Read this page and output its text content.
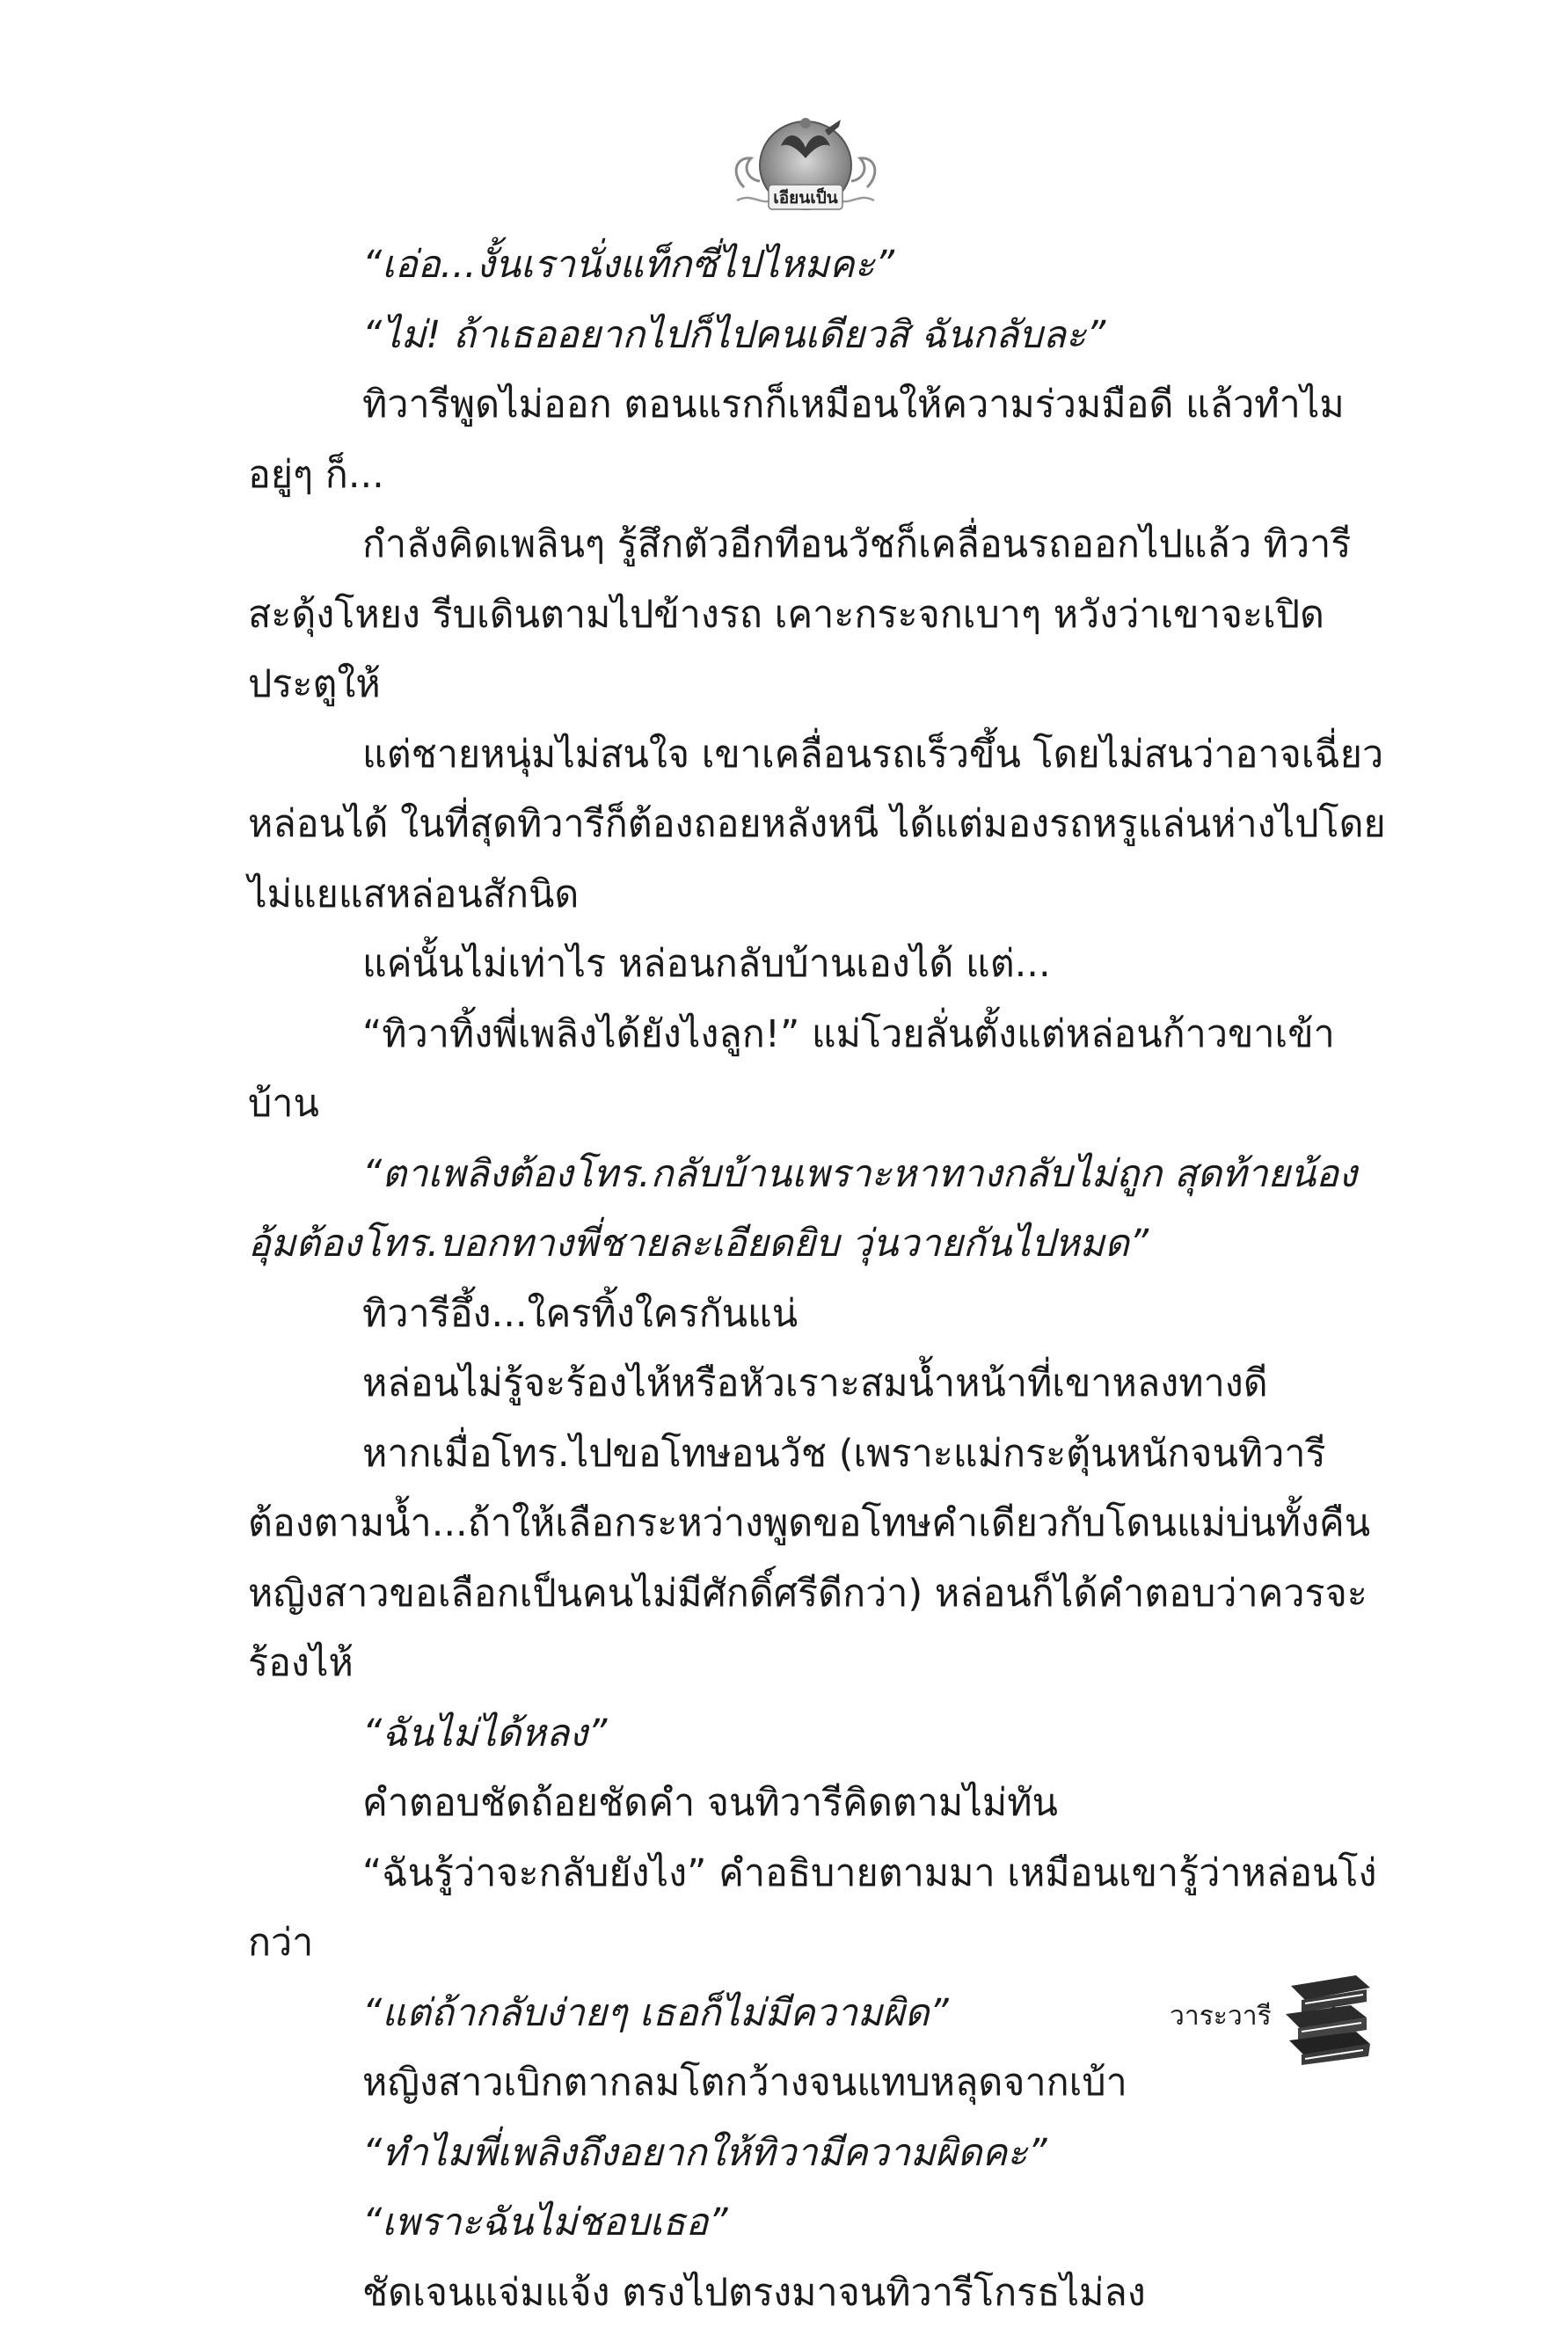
เอียนเป็น

“เอ่อ...งั้นเรานั่งแท็กซี่ไปไหมคะ”

“ไม่! ถ้าเธออยากไปก็ไปคนเดียวสิ ฉันกลับละ”

ทิวารีพูดไม่ออก ตอนแรกก็เหมือนให้ความร่วมมือดี แล้วทำไมอยู่ๆ ก็...

กำลังคิดเพลินๆ รู้สึกตัวอีกทีอนวัชก็เคลื่อนรถออกไปแล้ว ทิวารีสะดุ้งโหยง รีบเดินตามไปข้างรถ เคาะกระจกเบาๆ หวังว่าเขาจะเปิดประตูให้

แต่ชายหนุ่มไม่สนใจ เขาเคลื่อนรถเร็วขึ้น โดยไม่สนว่าอาจเฉี่ยวหล่อนได้ ในที่สุดทิวารีก็ต้องถอยหลังหนี ได้แต่มองรถหรูแล่นห่างไปโดยไม่แยแสหล่อนสักนิด

แค่นั้นไม่เท่าไร หล่อนกลับบ้านเองได้ แต่...

“ทิวาทิ้งพี่เพลิงได้ยังไงลูก!” แม่โวยลั่นตั้งแต่หล่อนก้าวขาเข้าบ้าน

“ตาเพลิงต้องโทร.กลับบ้านเพราะหาทางกลับไม่ถูก สุดท้ายน้องอุ้มต้องโทร.บอกทางพี่ชายละเอียดยิบ วุ่นวายกันไปหมด”

ทิวารีอึ้ง...ใครทิ้งใครกันแน่

หล่อนไม่รู้จะร้องไห้หรือหัวเราะสมน้ำหน้าที่เขาหลงทางดี

หากเมื่อโทร.ไปขอโทษอนวัช (เพราะแม่กระตุ้นหนักจนทิวารีต้องตามน้ำ...ถ้าให้เลือกระหว่างพูดขอโทษคำเดียวกับโดนแม่บ่นทั้งคืน หญิงสาวขอเลือกเป็นคนไม่มีศักดิ์ศรีดีกว่า) หล่อนก็ได้คำตอบว่าควรจะร้องไห้

“ฉันไม่ได้หลง”

คำตอบชัดถ้อยชัดคำ จนทิวารีคิดตามไม่ทัน

“ฉันรู้ว่าจะกลับยังไง” คำอธิบายตามมา เหมือนเขารู้ว่าหล่อนโง่กว่า

“แต่ถ้ากลับง่ายๆ เธอก็ไม่มีความผิด”

หญิงสาวเบิกตากลมโตกว้างจนแทบหลุดจากเบ้า

“ทำไมพี่เพลิงถึงอยากให้ทิวามีความผิดคะ”

“เพราะฉันไม่ชอบเธอ”

ชัดเจนแจ่มแจ้ง ตรงไปตรงมาจนทิวารีโกรธไม่ลง

วาระวารี
